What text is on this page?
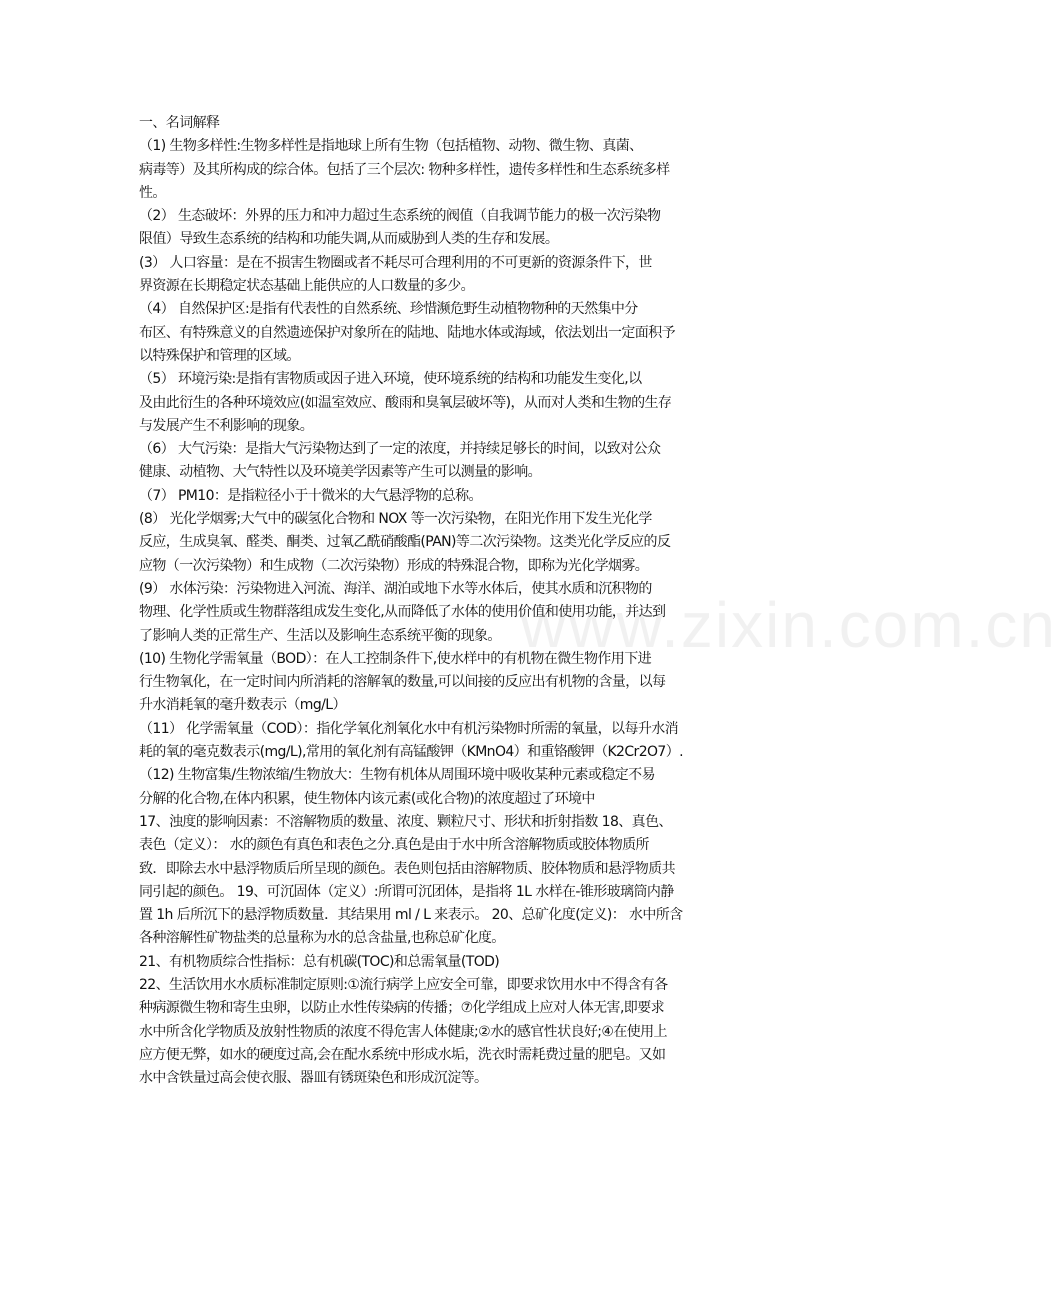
一、名词解释
（1) 生物多样性:生物多样性是指地球上所有生物（包括植物、动物、微生物、真菌、
病毒等）及其所构成的综合体。包括了三个层次: 物种多样性，遗传多样性和生态系统多样
性。
（2） 生态破坏：外界的压力和冲力超过生态系统的阀值（自我调节能力的极一次污染物
限值）导致生态系统的结构和功能失调,从而威胁到人类的生存和发展。
(3） 人口容量：是在不损害生物圈或者不耗尽可合理利用的不可更新的资源条件下，世
界资源在长期稳定状态基础上能供应的人口数量的多少。
（4） 自然保护区:是指有代表性的自然系统、珍惜濒危野生动植物物种的天然集中分
布区、有特殊意义的自然遗迹保护对象所在的陆地、陆地水体或海域，依法划出一定面积予
以特殊保护和管理的区域。
（5） 环境污染:是指有害物质或因子进入环境，使环境系统的结构和功能发生变化,以
及由此衍生的各种环境效应(如温室效应、酸雨和臭氧层破坏等)，从而对人类和生物的生存
与发展产生不利影响的现象。
（6） 大气污染：是指大气污染物达到了一定的浓度，并持续足够长的时间，以致对公众
健康、动植物、大气特性以及环境美学因素等产生可以测量的影响。
（7） PM10：是指粒径小于十微米的大气悬浮物的总称。
(8） 光化学烟雾;大气中的碳氢化合物和 NOX 等一次污染物，在阳光作用下发生光化学
反应，生成臭氧、醛类、酮类、过氧乙酰硝酸酯(PAN)等二次污染物。这类光化学反应的反
应物（一次污染物）和生成物（二次污染物）形成的特殊混合物，即称为光化学烟雾。
(9） 水体污染：污染物进入河流、海洋、湖泊或地下水等水体后，使其水质和沉积物的
物理、化学性质或生物群落组成发生变化,从而降低了水体的使用价值和使用功能，并达到
了影响人类的正常生产、生活以及影响生态系统平衡的现象。
(10) 生物化学需氧量（BOD）：在人工控制条件下,使水样中的有机物在微生物作用下进
行生物氧化，在一定时间内所消耗的溶解氧的数量,可以间接的反应出有机物的含量，以每
升水消耗氧的毫升数表示（mg/L）
（11） 化学需氧量（COD）：指化学氧化剂氧化水中有机污染物时所需的氧量，以每升水消
耗的氧的毫克数表示(mg/L),常用的氧化剂有高锰酸钾（KMnO4）和重铬酸钾（K2Cr2O7）.
（12) 生物富集/生物浓缩/生物放大：生物有机体从周围环境中吸收某种元素或稳定不易
分解的化合物,在体内积累，使生物体内该元素(或化合物)的浓度超过了环境中
17、浊度的影响因素：不溶解物质的数量、浓度、颗粒尺寸、形状和折射指数 18、真色、
表色（定义）： 水的颜色有真色和表色之分.真色是由于水中所含溶解物质或胶体物质所
致．即除去水中悬浮物质后所呈现的颜色。表色则包括由溶解物质、胶体物质和悬浮物质共
同引起的颜色。 19、可沉固体（定义）:所谓可沉团体，是指将 1L 水样在-锥形玻璃筒内静
置 1h 后所沉下的悬浮物质数量．其结果用 ml / L 来表示。 20、总矿化度(定义)： 水中所含
各种溶解性矿物盐类的总量称为水的总含盐量,也称总矿化度。
21、有机物质综合性指标：总有机碳(TOC)和总需氧量(TOD)
22、生活饮用水水质标准制定原则:①流行病学上应安全可靠，即要求饮用水中不得含有各
种病源微生物和寄生虫卵，以防止水性传染病的传播；⑦化学组成上应对人体无害,即要求
水中所含化学物质及放射性物质的浓度不得危害人体健康;②水的感官性状良好;④在使用上
应方便无弊，如水的硬度过高,会在配水系统中形成水垢，洗衣时需耗费过量的肥皂。又如
水中含铁量过高会使衣服、器皿有锈斑染色和形成沉淀等。
www.zixin.com.cn
